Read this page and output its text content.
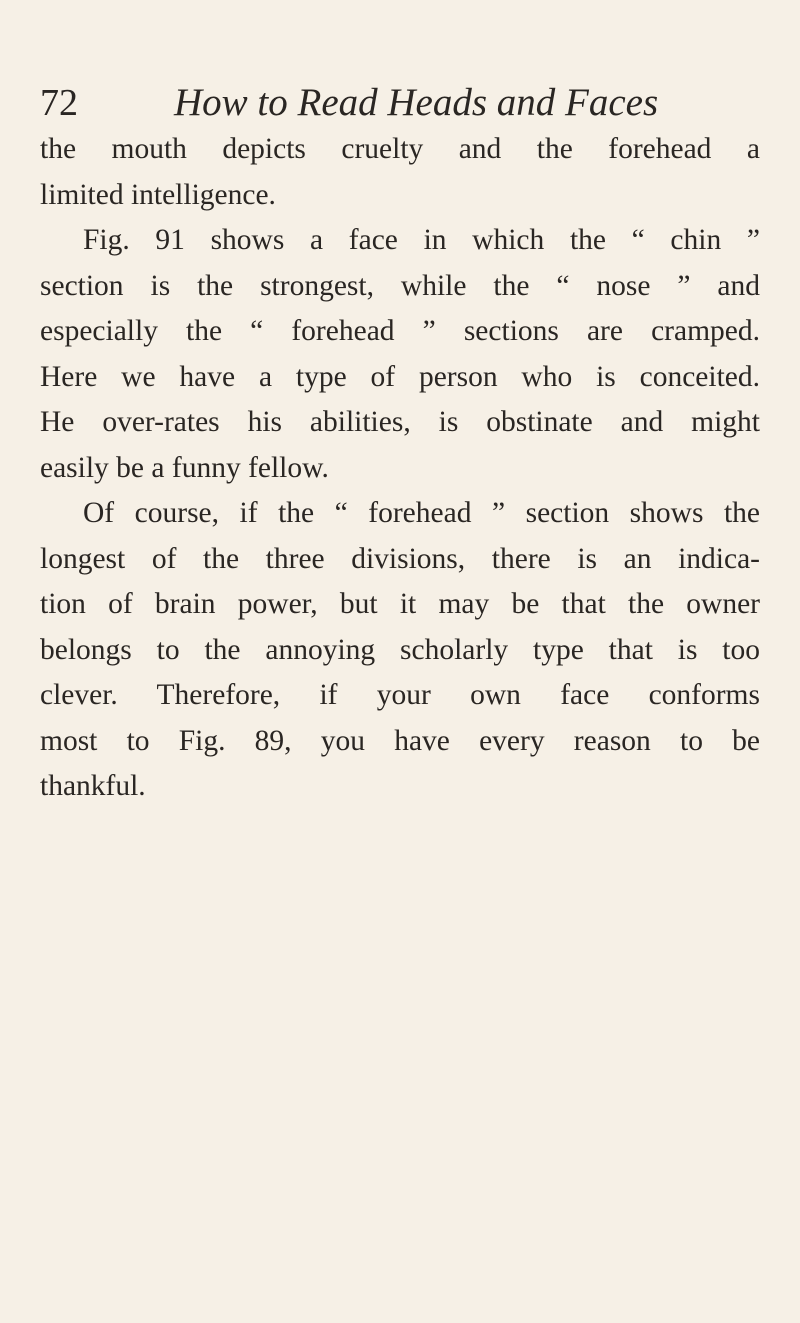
72 How to Read Heads and Faces
the mouth depicts cruelty and the forehead a
limited intelligence.
Fig. 91 shows a face in which the “ chin ”
section is the strongest, while the “ nose ” and
especially the “ forehead ” sections are cramped.
Here we have a type of person who is conceited.
He over-rates his abilities, is obstinate and might
easily be a funny fellow.
Of course, if the “ forehead ” section shows the
longest of the three divisions, there is an indica-
tion of brain power, but it may be that the owner
belongs to the annoying scholarly type that is too
clever. Therefore, if your own face conforms
most to Fig. 89, you have every reason to be
thankful.
